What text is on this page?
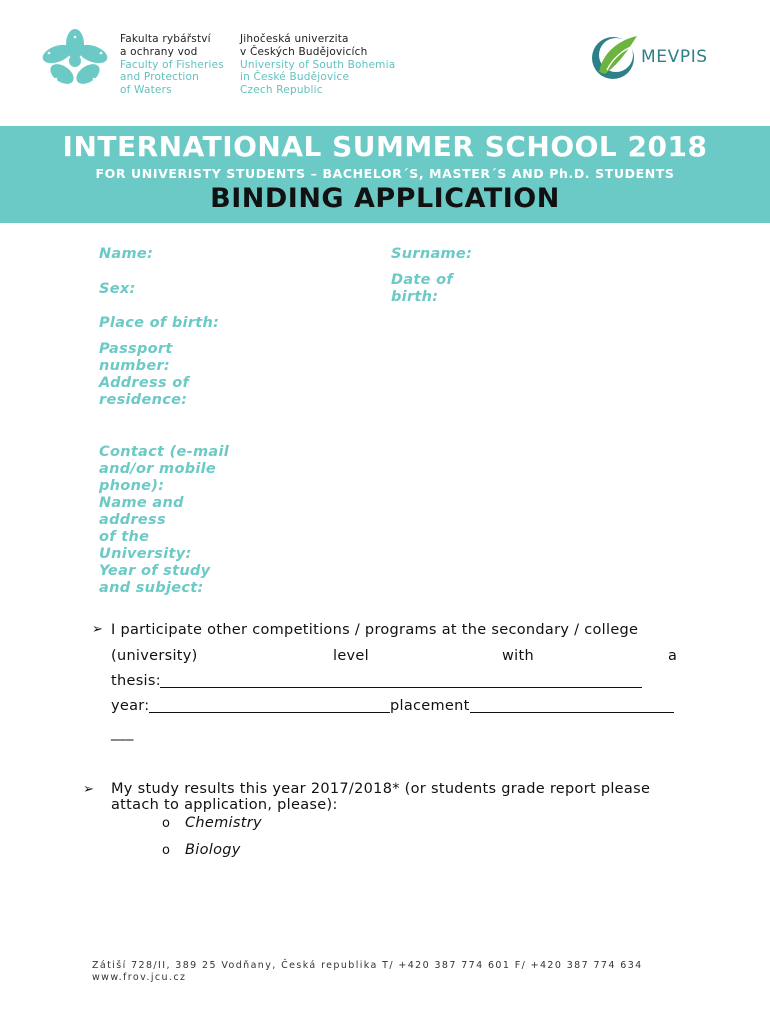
Fakulta rybářství
a ochrany vod
Faculty of Fisheries
and Protection
of Waters
Jihočeská univerzita
v Českých Budějovicích
University of South Bohemia
in České Budějovice
Czech Republic
MEVPIS
INTERNATIONAL SUMMER SCHOOL 2018
FOR UNIVERISTY STUDENTS – BACHELOR´S, MASTER´S AND Ph.D. STUDENTS
BINDING APPLICATION
Name:	Surname:
Sex:
Date of
birth:
Place of birth:
Passport
number:
Address of
residence:
Contact (e-mail
and/or mobile
phone):
Name and
address
of the
University:
Year of study
and subject:
➢ I participate other competitions / programs at the secondary / college
(university)	level	with	a
thesis:
year:	placement
___
➢ My study results this year 2017/2018* (or students grade report please
attach to application, please):
o Chemistry
o Biology
Zátiší 728/II, 389 25 Vodňany, Česká republika T/ +420 387 774 601 F/ +420 387 774 634
www.frov.jcu.cz
